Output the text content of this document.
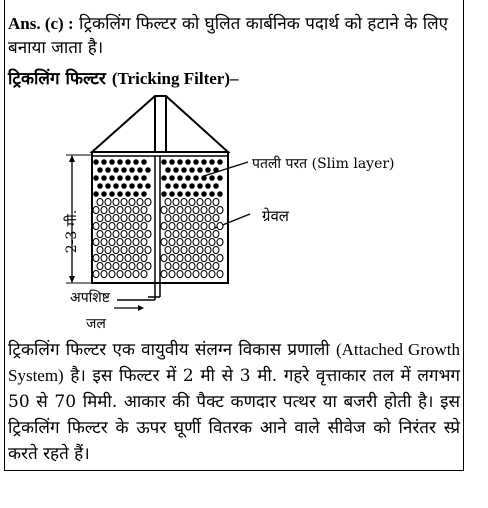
Ans. (c) : ट्रिकलिंग फिल्टर को घुलित कार्बनिक पदार्थ को हटाने के लिए बनाया जाता है।
ट्रिकलिंग फिल्टर (Tricking Filter)–
पतली परत (Slim layer)
ग्रेवल
2-3 मी.
अपशिष्ट
जल
ट्रिकलिंग फिल्टर एक वायुवीय संलग्न विकास प्रणाली (Attached Growth System) है। इस फिल्टर में 2 मी से 3 मी. गहरे वृत्ताकार तल में लगभग 50 से 70 मिमी. आकार की पैक्ट कणदार पत्थर या बजरी होती है। इस ट्रिकलिंग फिल्टर के ऊपर घूर्णी वितरक आने वाले सीवेज को निरंतर स्प्रे करते रहते हैं।
